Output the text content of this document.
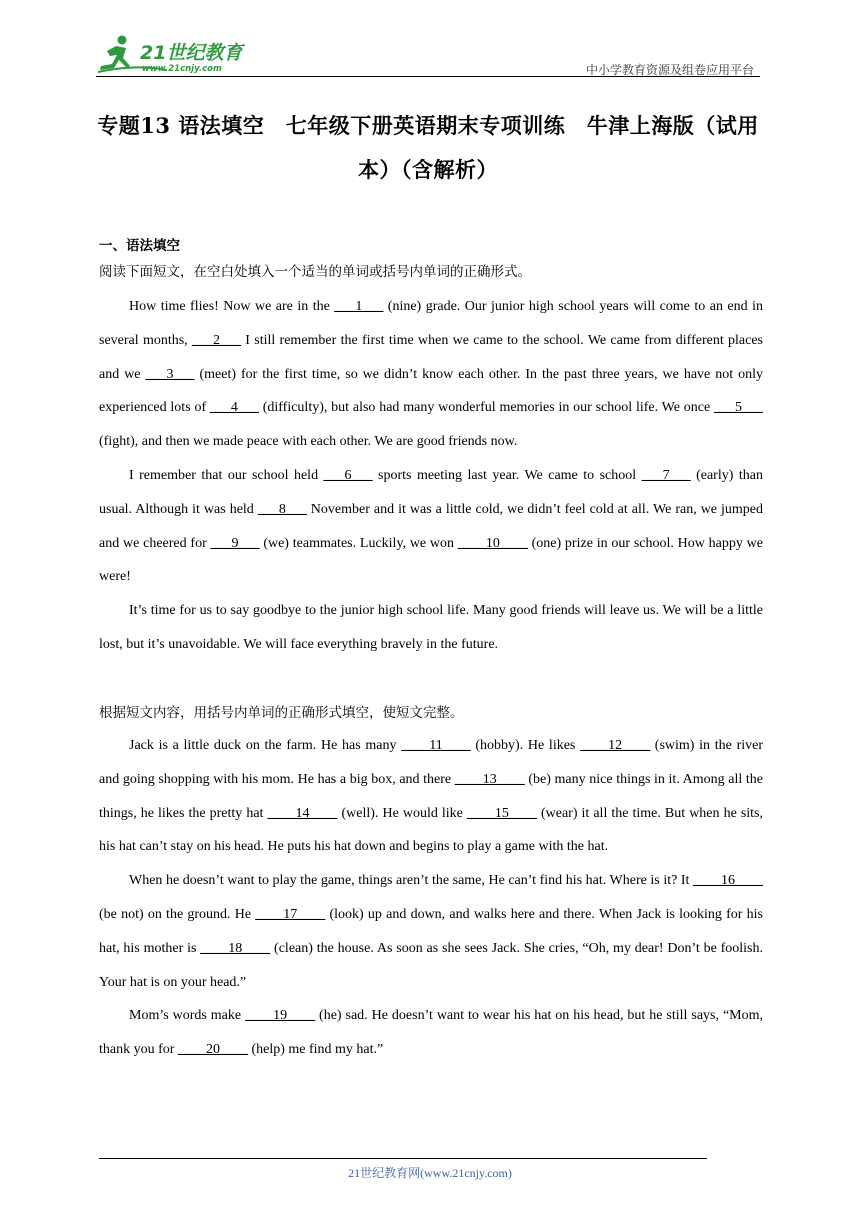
21世纪教育
www.21cnjy.com	中小学教育资源及组卷应用平台
专题13 语法填空　七年级下册英语期末专项训练　牛津上海版（试用
本）（含解析）
一、语法填空
阅读下面短文，在空白处填入一个适当的单词或括号内单词的正确形式。

How time flies! Now we are in the ___1___ (nine) grade. Our junior high school years will come to an end in several months, ___2___ I still remember the first time when we came to the school. We came from different places and we ___3___ (meet) for the first time, so we didn’t know each other. In the past three years, we have not only experienced lots of ___4___ (difficulty), but also had many wonderful memories in our school life. We once ___5___ (fight), and then we made peace with each other. We are good friends now.

I remember that our school held ___6___ sports meeting last year. We came to school ___7___ (early) than usual. Although it was held ___8___ November and it was a little cold, we didn’t feel cold at all. We ran, we jumped and we cheered for ___9___ (we) teammates. Luckily, we won ____10____ (one) prize in our school. How happy we were!

It’s time for us to say goodbye to the junior high school life. Many good friends will leave us. We will be a little lost, but it’s unavoidable. We will face everything bravely in the future.

根据短文内容，用括号内单词的正确形式填空，使短文完整。

Jack is a little duck on the farm. He has many ____11____ (hobby). He likes ____12____ (swim) in the river and going shopping with his mom. He has a big box, and there ____13____ (be) many nice things in it. Among all the things, he likes the pretty hat ____14____ (well). He would like ____15____ (wear) it all the time. But when he sits, his hat can’t stay on his head. He puts his hat down and begins to play a game with the hat.

When he doesn’t want to play the game, things aren’t the same, He can’t find his hat. Where is it? It ____16____ (be not) on the ground. He ____17____ (look) up and down, and walks here and there. When Jack is looking for his hat, his mother is ____18____ (clean) the house. As soon as she sees Jack. She cries, “Oh, my dear! Don’t be foolish. Your hat is on your head.”

Mom’s words make ____19____ (he) sad. He doesn’t want to wear his hat on his head, but he still says, “Mom, thank you for ____20____ (help) me find my hat.”

21世纪教育网(www.21cnjy.com)
